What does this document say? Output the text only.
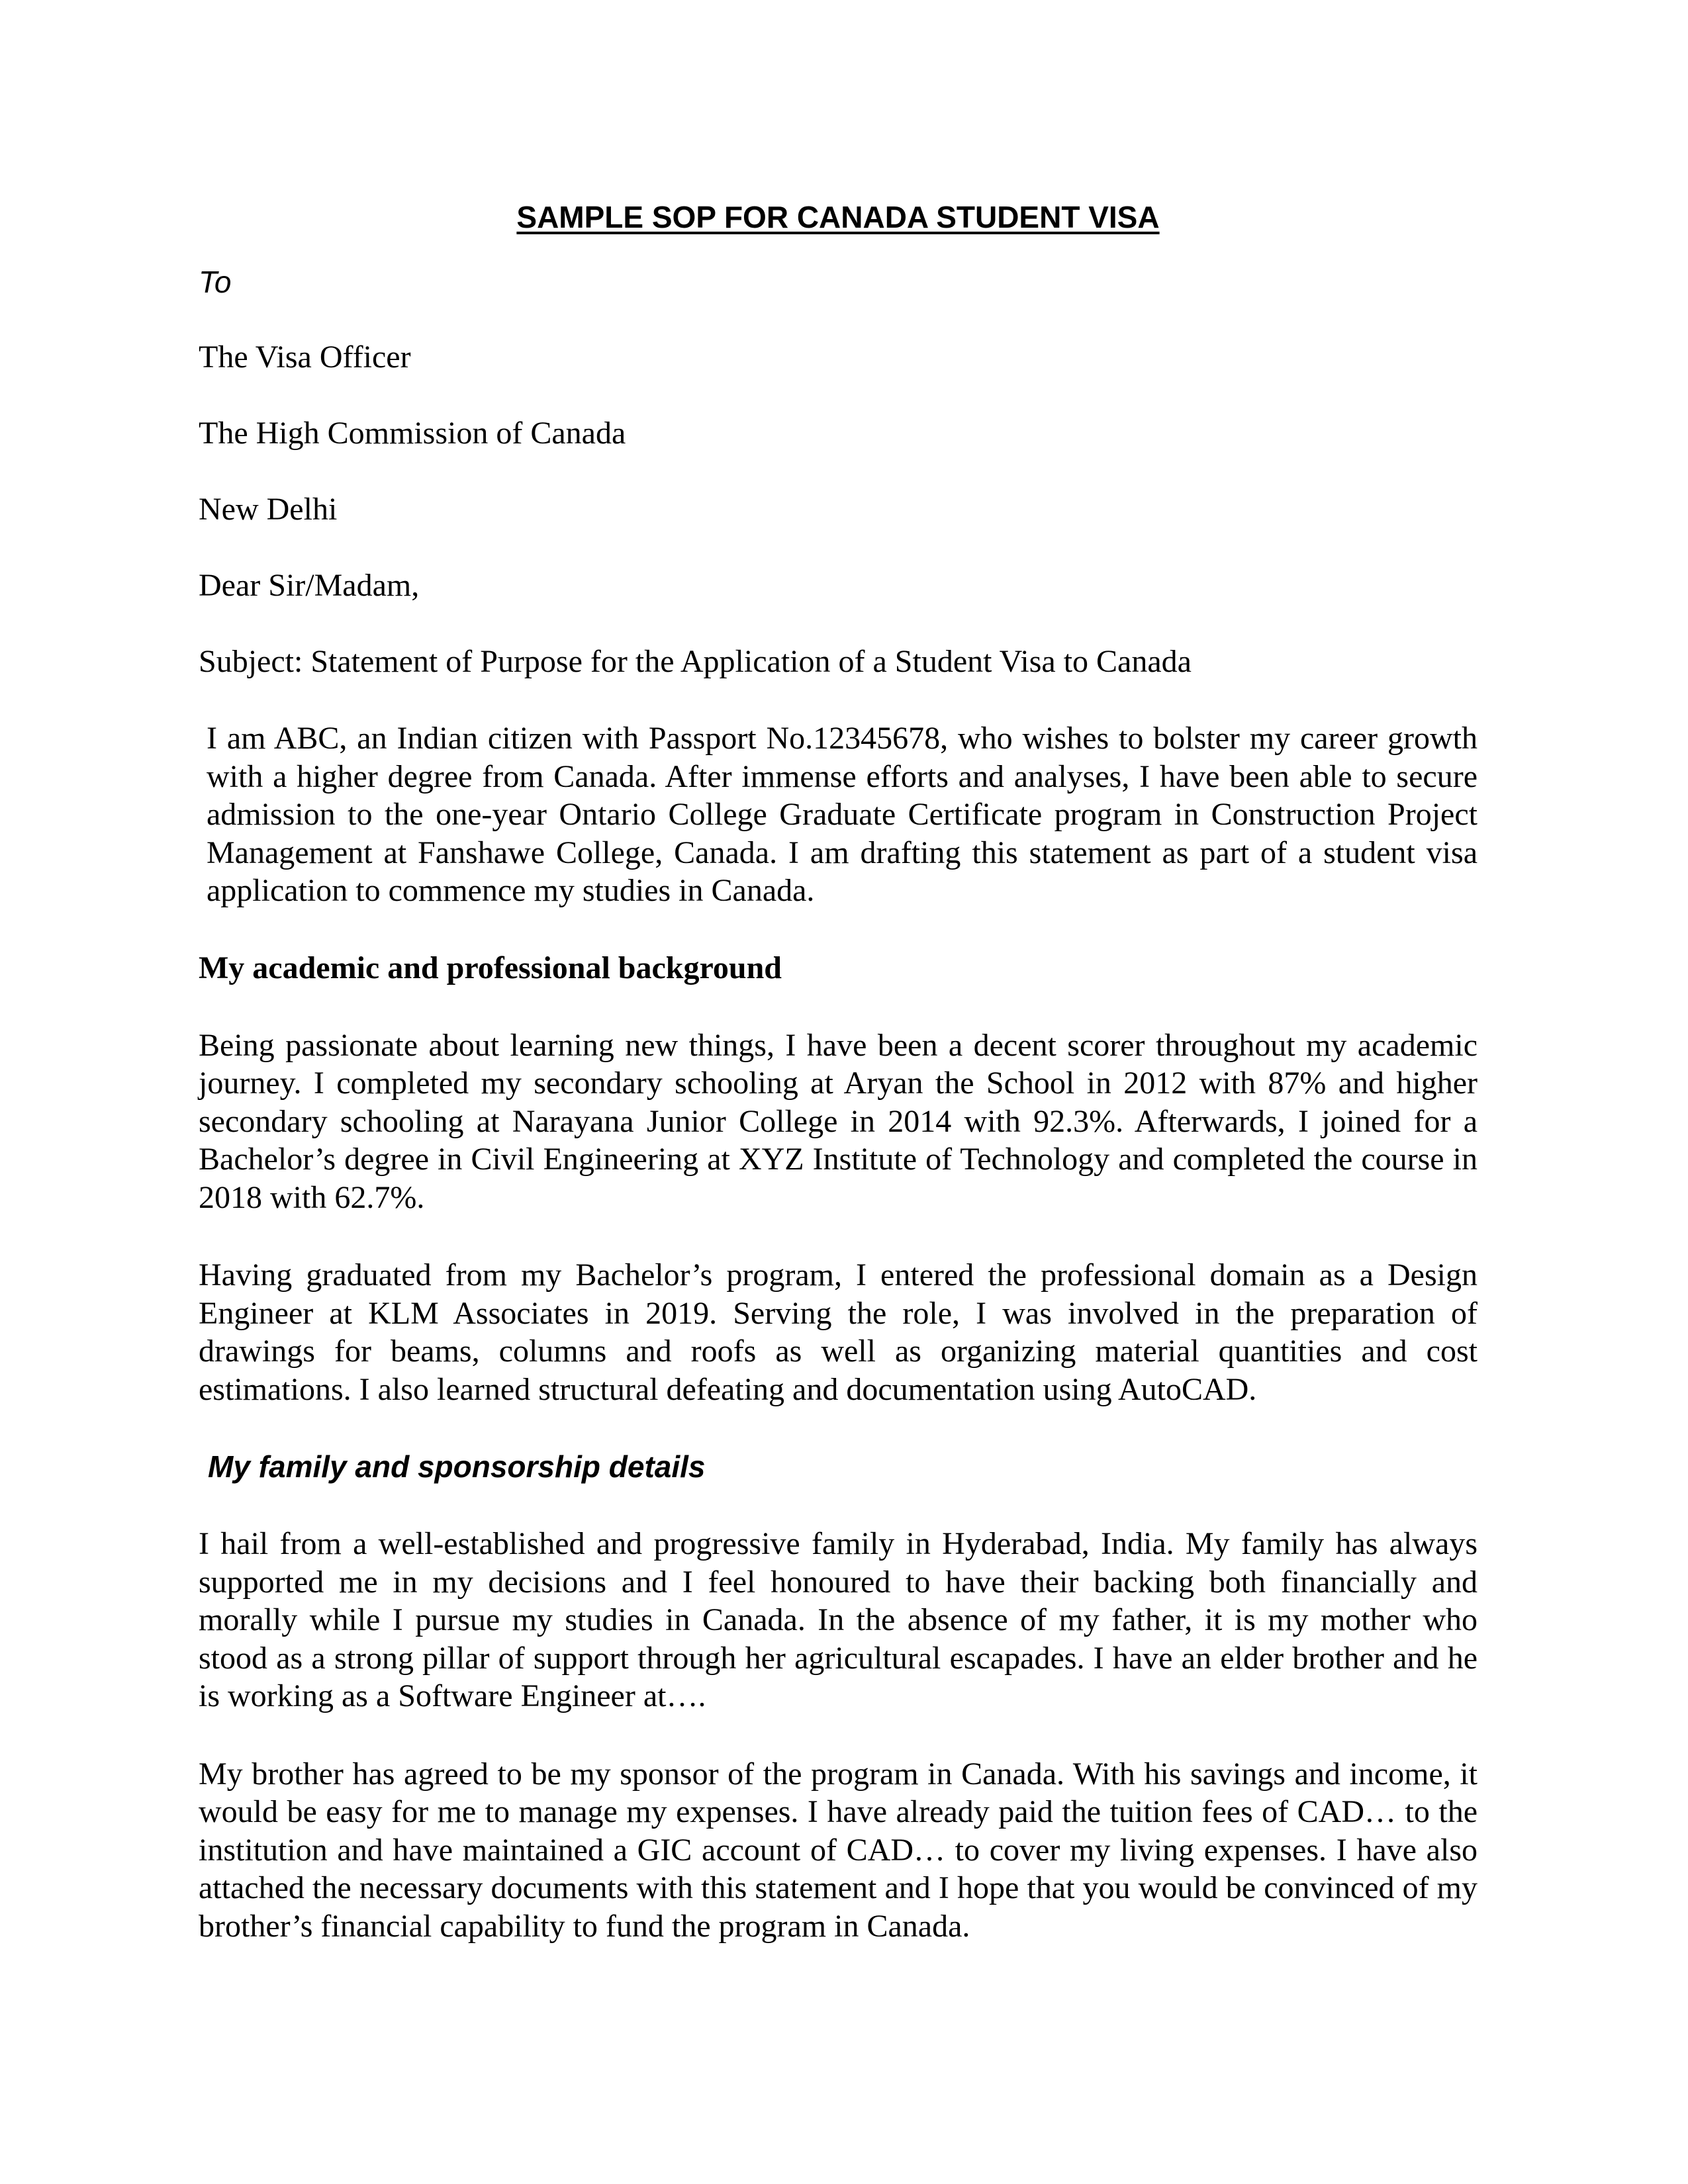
SAMPLE SOP FOR CANADA STUDENT VISA
To
The Visa Officer
The High Commission of Canada
New Delhi
Dear Sir/Madam,
Subject: Statement of Purpose for the Application of a Student Visa to Canada
I am ABC, an Indian citizen with Passport No.12345678, who wishes to bolster my career growth with a higher degree from Canada. After immense efforts and analyses, I have been able to secure admission to the one-year Ontario College Graduate Certificate program in Construction Project Management at Fanshawe College, Canada. I am drafting this statement as part of a student visa application to commence my studies in Canada.
My academic and professional background
Being passionate about learning new things, I have been a decent scorer throughout my academic journey. I completed my secondary schooling at Aryan the School in 2012 with 87% and higher secondary schooling at Narayana Junior College in 2014 with 92.3%. Afterwards, I joined for a Bachelor’s degree in Civil Engineering at XYZ Institute of Technology and completed the course in 2018 with 62.7%.
Having graduated from my Bachelor’s program, I entered the professional domain as a Design Engineer at KLM Associates in 2019. Serving the role, I was involved in the preparation of drawings for beams, columns and roofs as well as organizing material quantities and cost estimations. I also learned structural defeating and documentation using AutoCAD.
My family and sponsorship details
I hail from a well-established and progressive family in Hyderabad, India. My family has always supported me in my decisions and I feel honoured to have their backing both financially and morally while I pursue my studies in Canada. In the absence of my father, it is my mother who stood as a strong pillar of support through her agricultural escapades. I have an elder brother and he is working as a Software Engineer at….
My brother has agreed to be my sponsor of the program in Canada. With his savings and income, it would be easy for me to manage my expenses. I have already paid the tuition fees of CAD… to the institution and have maintained a GIC account of CAD… to cover my living expenses. I have also attached the necessary documents with this statement and I hope that you would be convinced of my brother’s financial capability to fund the program in Canada.
